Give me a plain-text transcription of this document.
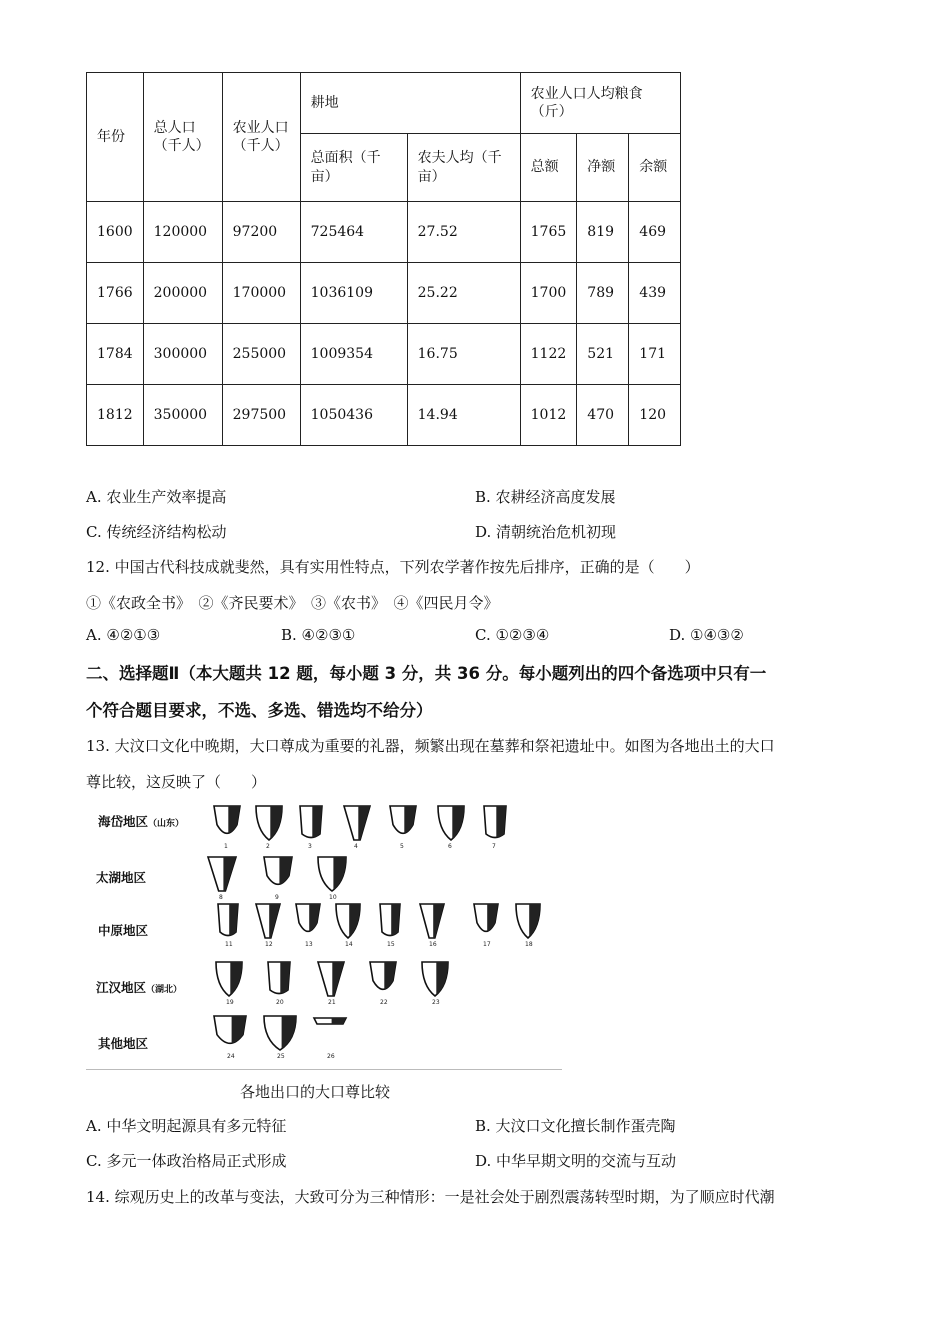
年份	总人口（千人）	农业人口（千人）	耕地		农业人口人均粮食（斤）		
			总面积（千亩）	农夫人均（千亩）	总额	净额	余额
1600	120000	97200	725464	27.52	1765	819	469
1766	200000	170000	1036109	25.22	1700	789	439
1784	300000	255000	1009354	16.75	1122	521	171
1812	350000	297500	1050436	14.94	1012	470	120
A. 农业生产效率提高	B. 农耕经济高度发展
C. 传统经济结构松动	D. 清朝统治危机初现
12. 中国古代科技成就斐然，具有实用性特点，下列农学著作按先后排序，正确的是（　　）
①《农政全书》　②《齐民要术》　③《农书》　④《四民月令》
A. ④②①③	B. ④②③①	C. ①②③④	D. ①④③②
二、选择题Ⅱ（本大题共 12 题，每小题 3 分，共 36 分。每小题列出的四个备选项中只有一
个符合题目要求，不选、多选、错选均不给分）
13. 大汶口文化中晚期，大口尊成为重要的礼器，频繁出现在墓葬和祭祀遗址中。如图为各地出土的大口
尊比较，这反映了（　　）
海岱地区（山东）
太湖地区
中原地区
江汉地区（湖北）
其他地区
1	2	3	4	5	6	7
8	9	10
11	12	13	14	15	16	17	18
19	20	21	22	23
24	25	26
各地出口的大口尊比较
A. 中华文明起源具有多元特征	B. 大汶口文化擅长制作蛋壳陶
C. 多元一体政治格局正式形成	D. 中华早期文明的交流与互动
14. 综观历史上的改革与变法，大致可分为三种情形：一是社会处于剧烈震荡转型时期，为了顺应时代潮
